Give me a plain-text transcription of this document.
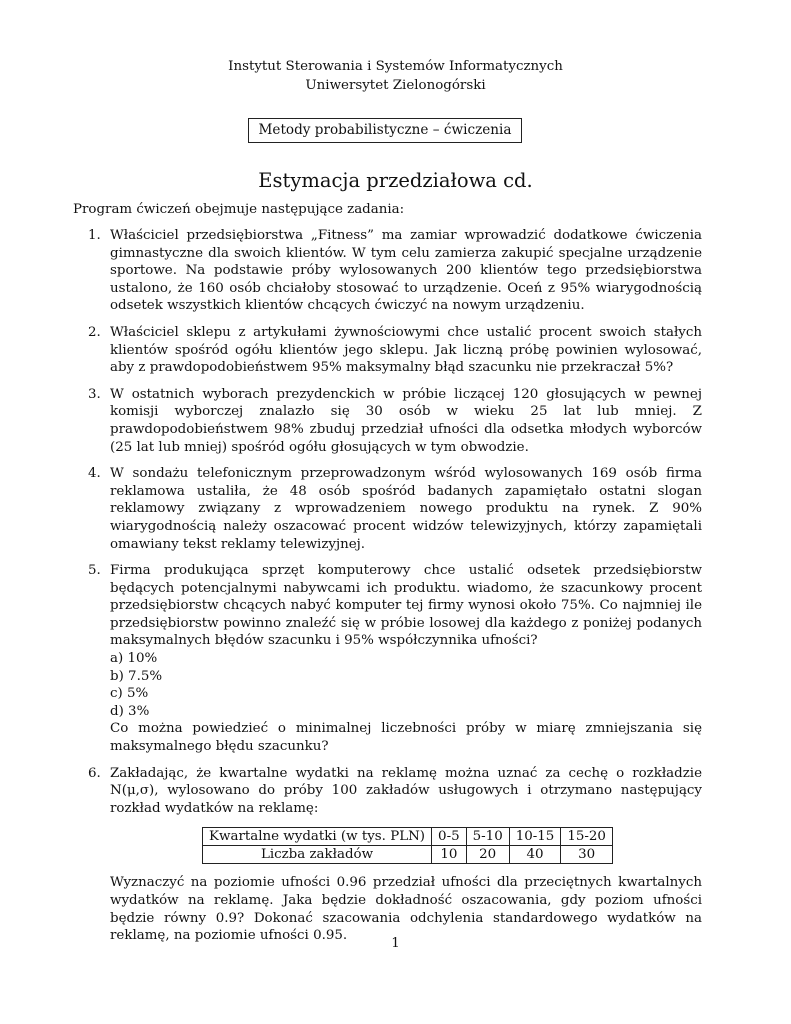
Instytut Sterowania i Systemów Informatycznych
Uniwersytet Zielonogórski
Metody probabilistyczne – ćwiczenia
Estymacja przedziałowa cd.
Program ćwiczeń obejmuje następujące zadania:
1. Właściciel przedsiębiorstwa „Fitness” ma zamiar wprowadzić dodatkowe ćwiczenia gimnastyczne dla swoich klientów. W tym celu zamierza zakupić specjalne urządzenie sportowe. Na podstawie próby wylosowanych 200 klientów tego przedsiębiorstwa ustalono, że 160 osób chciałoby stosować to urządzenie. Oceń z 95% wiarygodnością odsetek wszystkich klientów chcących ćwiczyć na nowym urządzeniu.
2. Właściciel sklepu z artykułami żywnościowymi chce ustalić procent swoich stałych klientów spośród ogółu klientów jego sklepu. Jak liczną próbę powinien wylosować, aby z prawdopodobieństwem 95% maksymalny błąd szacunku nie przekraczał 5%?
3. W ostatnich wyborach prezydenckich w próbie liczącej 120 głosujących w pewnej komisji wyborczej znalazło się 30 osób w wieku 25 lat lub mniej. Z prawdopodobieństwem 98% zbuduj przedział ufności dla odsetka młodych wyborców (25 lat lub mniej) spośród ogółu głosujących w tym obwodzie.
4. W sondażu telefonicznym przeprowadzonym wśród wylosowanych 169 osób firma reklamowa ustaliła, że 48 osób spośród badanych zapamiętało ostatni slogan reklamowy związany z wprowadzeniem nowego produktu na rynek. Z 90% wiarygodnością należy oszacować procent widzów telewizyjnych, którzy zapamiętali omawiany tekst reklamy telewizyjnej.
5. Firma produkująca sprzęt komputerowy chce ustalić odsetek przedsiębiorstw będących potencjalnymi nabywcami ich produktu. wiadomo, że szacunkowy procent przedsiębiorstw chcących nabyć komputer tej firmy wynosi około 75%. Co najmniej ile przedsiębiorstw powinno znaleźć się w próbie losowej dla każdego z poniżej podanych maksymalnych błędów szacunku i 95% współczynnika ufności?
a) 10%
b) 7.5%
c) 5%
d) 3%
Co można powiedzieć o minimalnej liczebności próby w miarę zmniejszania się maksymalnego błędu szacunku?
6. Zakładając, że kwartalne wydatki na reklamę można uznać za cechę o rozkładzie N(μ,σ), wylosowano do próby 100 zakładów usługowych i otrzymano następujący rozkład wydatków na reklamę:
Kwartalne wydatki (w tys. PLN)	0-5	5-10	10-15	15-20
Liczba zakładów	10	20	40	30
Wyznaczyć na poziomie ufności 0.96 przedział ufności dla przeciętnych kwartalnych wydatków na reklamę. Jaka będzie dokładność oszacowania, gdy poziom ufności będzie równy 0.9? Dokonać szacowania odchylenia standardowego wydatków na reklamę, na poziomie ufności 0.95.
1
